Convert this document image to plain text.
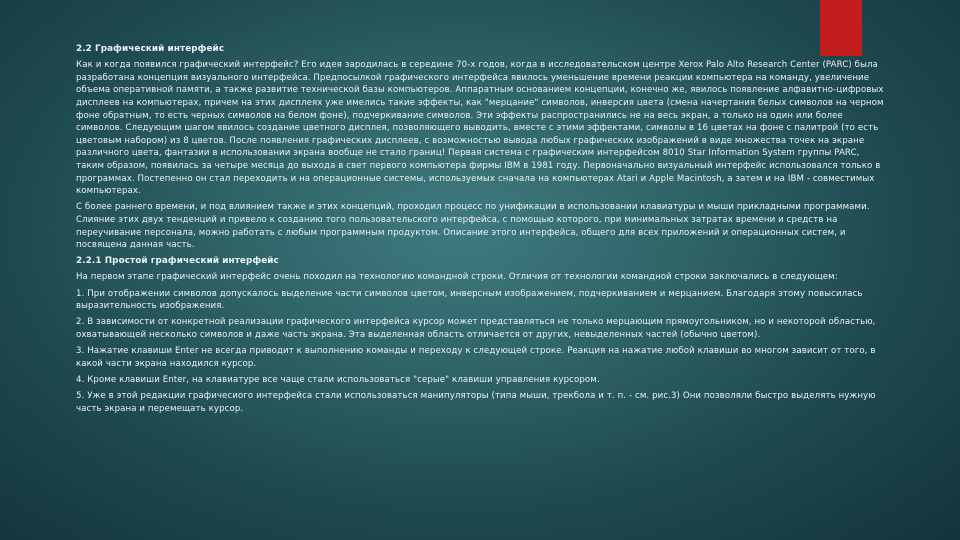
2.2 Графический интерфейс

Как и когда появился графический интерфейс? Его идея зародилась в середине 70-х годов, когда в исследовательском центре Xerox Palo Alto Research Center (PARC) была разработана концепция визуального интерфейса. Предпосылкой графического интерфейса явилось уменьшение времени реакции компьютера на команду, увеличение объема оперативной памяти, а также развитие технической базы компьютеров. Аппаратным основанием концепции, конечно же, явилось появление алфавитно-цифровых дисплеев на компьютерах, причем на этих дисплеях уже имелись такие эффекты, как "мерцание" символов, инверсия цвета (смена начертания белых символов на черном фоне обратным, то есть черных символов на белом фоне), подчеркивание символов. Эти эффекты распространились не на весь экран, а только на один или более символов. Следующим шагом явилось создание цветного дисплея, позволяющего выводить, вместе с этими эффектами, символы в 16 цветах на фоне с палитрой (то есть цветовым набором) из 8 цветов. После появления графических дисплеев, с возможностью вывода любых графических изображений в виде множества точек на экране различного цвета, фантазии в использовании экрана вообще не стало границ! Первая система с графическим интерфейсом 8010 Star Information System группы PARC, таким образом, появилась за четыре месяца до выхода в свет первого компьютера фирмы IBM в 1981 году. Первоначально визуальный интерфейс использовался только в программах. Постепенно он стал переходить и на операционные системы, используемых сначала на компьютерах Atari и Apple Macintosh, а затем и на IBM - совместимых компьютерах.

С более раннего времени, и под влиянием также и этих концепций, проходил процесс по унификации в использовании клавиатуры и мыши прикладными программами. Слияние этих двух тенденций и привело к созданию того пользовательского интерфейса, с помощью которого, при минимальных затратах времени и средств на переучивание персонала, можно работать с любым программным продуктом. Описание этого интерфейса, общего для всех приложений и операционных систем, и посвящена данная часть.

2.2.1 Простой графический интерфейс

На первом этапе графический интерфейс очень походил на технологию командной строки. Отличия от технологии командной строки заключались в следующем:

1. При отображении символов допускалось выделение части символов цветом, инверсным изображением, подчеркиванием и мерцанием. Благодаря этому повысилась выразительность изображения.

2. В зависимости от конкретной реализации графического интерфейса курсор может представляться не только мерцающим прямоугольником, но и некоторой областью, охватывающей несколько символов и даже часть экрана. Эта выделенная область отличается от других, невыделенных частей (обычно цветом).

3. Нажатие клавиши Enter не всегда приводит к выполнению команды и переходу к следующей строке. Реакция на нажатие любой клавиши во многом зависит от того, в какой части экрана находился курсор.

4. Кроме клавиши Enter, на клавиатуре все чаще стали использоваться "серые" клавиши управления курсором.

5. Уже в этой редакции графичесиого интерфейса стали использоваться манипуляторы (типа мыши, трекбола и т. п. - см. рис.3) Они позволяли быстро выделять нужную часть экрана и перемещать курсор.
